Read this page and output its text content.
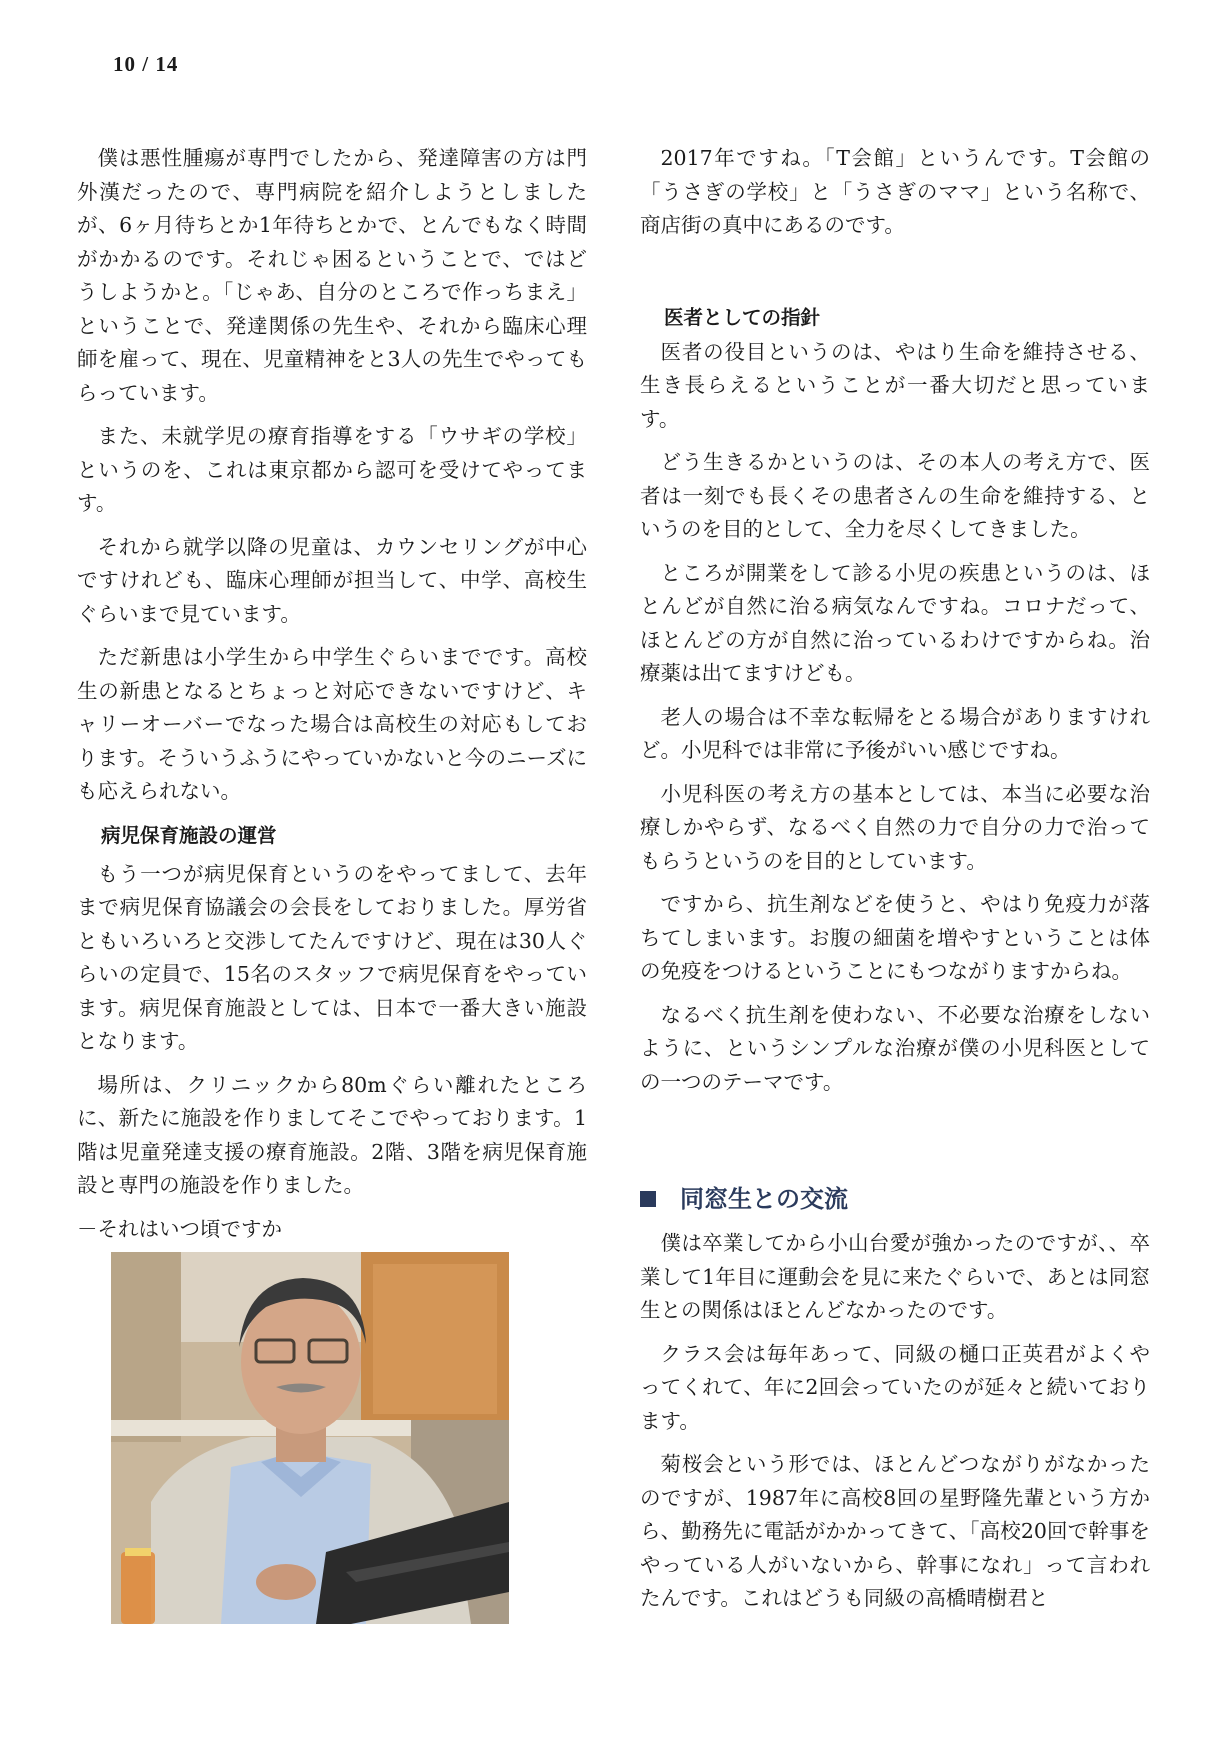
10 / 14

僕は悪性腫瘍が専門でしたから、発達障害の方は門外漢だったので、専門病院を紹介しようとしましたが、6ヶ月待ちとか1年待ちとかで、とんでもなく時間がかかるのです。それじゃ困るということで、ではどうしようかと。「じゃあ、自分のところで作っちまえ」ということで、発達関係の先生や、それから臨床心理師を雇って、現在、児童精神をと3人の先生でやってもらっています。

また、未就学児の療育指導をする「ウサギの学校」というのを、これは東京都から認可を受けてやってます。

それから就学以降の児童は、カウンセリングが中心ですけれども、臨床心理師が担当して、中学、高校生ぐらいまで見ています。

ただ新患は小学生から中学生ぐらいまでです。高校生の新患となるとちょっと対応できないですけど、キャリーオーバーでなった場合は高校生の対応もしております。そういうふうにやっていかないと今のニーズにも応えられない。

病児保育施設の運営

もう一つが病児保育というのをやってまして、去年まで病児保育協議会の会長をしておりました。厚労省ともいろいろと交渉してたんですけど、現在は30人ぐらいの定員で、15名のスタッフで病児保育をやっています。病児保育施設としては、日本で一番大きい施設となります。

場所は、クリニックから80mぐらい離れたところに、新たに施設を作りましてそこでやっております。1階は児童発達支援の療育施設。2階、3階を病児保育施設と専門の施設を作りました。

－それはいつ頃ですか

2017年ですね。「T会館」というんです。T会館の「うさぎの学校」と「うさぎのママ」という名称で、商店街の真中にあるのです。

医者としての指針

医者の役目というのは、やはり生命を維持させる、生き長らえるということが一番大切だと思っています。

どう生きるかというのは、その本人の考え方で、医者は一刻でも長くその患者さんの生命を維持する、というのを目的として、全力を尽くしてきました。

ところが開業をして診る小児の疾患というのは、ほとんどが自然に治る病気なんですね。コロナだって、ほとんどの方が自然に治っているわけですからね。治療薬は出てますけども。

老人の場合は不幸な転帰をとる場合がありますけれど。小児科では非常に予後がいい感じですね。

小児科医の考え方の基本としては、本当に必要な治療しかやらず、なるべく自然の力で自分の力で治ってもらうというのを目的としています。

ですから、抗生剤などを使うと、やはり免疫力が落ちてしまいます。お腹の細菌を増やすということは体の免疫をつけるということにもつながりますからね。

なるべく抗生剤を使わない、不必要な治療をしないように、というシンプルな治療が僕の小児科医としての一つのテーマです。

同窓生との交流

僕は卒業してから小山台愛が強かったのですが、、卒業して1年目に運動会を見に来たぐらいで、あとは同窓生との関係はほとんどなかったのです。

クラス会は毎年あって、同級の樋口正英君がよくやってくれて、年に2回会っていたのが延々と続いております。

菊桜会という形では、ほとんどつながりがなかったのですが、1987年に高校8回の星野隆先輩という方から、勤務先に電話がかかってきて、「高校20回で幹事をやっている人がいないから、幹事になれ」って言われたんです。これはどうも同級の高橋晴樹君と
